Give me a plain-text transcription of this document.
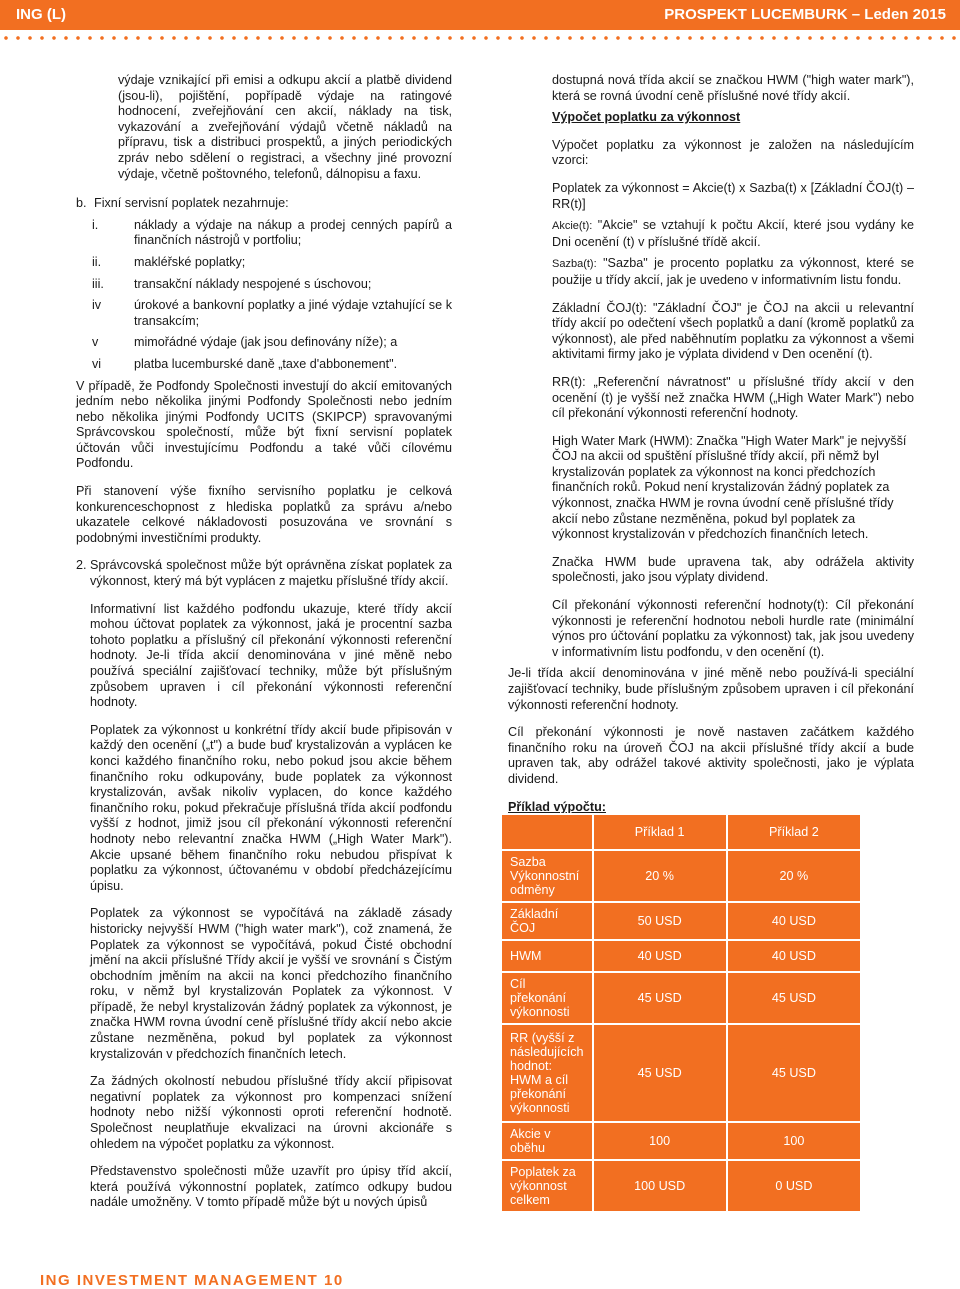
ING (L)	PROSPEKT LUCEMBURK – Leden 2015

výdaje vznikající při emisi a odkupu akcií a platbě dividend (jsou-li), pojištění, popřípadě výdaje na ratingové hodnocení, zveřejňování cen akcií, náklady na tisk, vykazování a zveřejňování výdajů včetně nákladů na přípravu, tisk a distribuci prospektů, a jiných periodických zpráv nebo sdělení o registraci, a všechny jiné provozní výdaje, včetně poštovného, telefonů, dálnopisu a faxu.

b. Fixní servisní poplatek nezahrnuje:
i.	náklady a výdaje na nákup a prodej cenných papírů a finančních nástrojů v portfoliu;
ii.	makléřské poplatky;
iii.	transakční náklady nespojené s úschovou;
iv	úrokové a bankovní poplatky a jiné výdaje vztahující se k transakcím;
v	mimořádné výdaje (jak jsou definovány níže); a
vi	platba lucemburské daně „taxe d'abbonement".

V případě, že Podfondy Společnosti investují do akcií emitovaných jedním nebo několika jinými Podfondy Společnosti nebo jedním nebo několika jinými Podfondy UCITS (SKIPCP) spravovanými Správcovskou společností, může být fixní servisní poplatek účtován vůči investujícímu Podfondu a také vůči cílovému Podfondu.

Při stanovení výše fixního servisního poplatku je celková konkurenceschopnost z hlediska poplatků za správu a/nebo ukazatele celkové nákladovosti posuzována ve srovnání s podobnými investičními produkty.

2. Správcovská společnost může být oprávněna získat poplatek za výkonnost, který má být vyplácen z majetku příslušné třídy akcií.

Informativní list každého podfondu ukazuje, které třídy akcií mohou účtovat poplatek za výkonnost, jaká je procentní sazba tohoto poplatku a příslušný cíl překonání výkonnosti referenční hodnoty. Je-li třída akcií denominována v jiné měně nebo používá speciální zajišťovací techniky, může být příslušným způsobem upraven i cíl překonání výkonnosti referenční hodnoty.

Poplatek za výkonnost u konkrétní třídy akcií bude připisován v každý den ocenění („t") a bude buď krystalizován a vyplácen ke konci každého finančního roku, nebo pokud jsou akcie během finančního roku odkupovány, bude poplatek za výkonnost krystalizován, avšak nikoliv vyplacen, do konce každého finančního roku, pokud překračuje příslušná třída akcií podfondu vyšší z hodnot, jimiž jsou cíl překonání výkonnosti referenční hodnoty nebo relevantní značka HWM („High Water Mark"). Akcie upsané během finančního roku nebudou přispívat k poplatku za výkonnost, účtovanému v období předcházejícímu úpisu.

Poplatek za výkonnost se vypočítává na základě zásady historicky nejvyšší HWM ("high water mark"), což znamená, že Poplatek za výkonnost se vypočítává, pokud Čisté obchodní jmění na akcii příslušné Třídy akcií je vyšší ve srovnání s Čistým obchodním jměním na akcii na konci předchozího finančního roku, v němž byl krystalizován Poplatek za výkonnost. V případě, že nebyl krystalizován žádný poplatek za výkonnost, je značka HWM rovna úvodní ceně příslušné třídy akcií nebo akcie zůstane nezměněna, pokud byl poplatek za výkonnost krystalizován v předchozích finančních letech.

Za žádných okolností nebudou příslušné třídy akcií připisovat negativní poplatek za výkonnost pro kompenzaci snížení hodnoty nebo nižší výkonnosti oproti referenční hodnotě. Společnost neuplatňuje ekvalizaci na úrovni akcionáře s ohledem na výpočet poplatku za výkonnost.

Představenstvo společnosti může uzavřít pro úpisy tříd akcií, která používá výkonnostní poplatek, zatímco odkupy budou nadále umožněny. V tomto případě může být u nových úpisů

dostupná nová třída akcií se značkou HWM ("high water mark"), která se rovná úvodní ceně příslušné nové třídy akcií.

Výpočet poplatku za výkonnost

Výpočet poplatku za výkonnost je založen na následujícím vzorci:

Poplatek za výkonnost = Akcie(t) x Sazba(t) x [Základní ČOJ(t) – RR(t)]

Akcie(t): "Akcie" se vztahují k počtu Akcií, které jsou vydány ke Dni ocenění (t) v příslušné třídě akcií.

Sazba(t): "Sazba" je procento poplatku za výkonnost, které se použije u třídy akcií, jak je uvedeno v informativním listu fondu.

Základní ČOJ(t): "Základní ČOJ" je ČOJ na akcii u relevantní třídy akcií po odečtení všech poplatků a daní (kromě poplatků za výkonnost), ale před naběhnutím poplatku za výkonnost a všemi aktivitami firmy jako je výplata dividend v Den ocenění (t).

RR(t): „Referenční návratnost" u příslušné třídy akcií v den ocenění (t) je vyšší než značka HWM („High Water Mark") nebo cíl překonání výkonnosti referenční hodnoty.

High Water Mark (HWM): Značka "High Water Mark" je nejvyšší ČOJ na akcii od spuštění příslušné třídy akcií, při němž byl krystalizován poplatek za výkonnost na konci předchozích finančních roků. Pokud není krystalizován žádný poplatek za výkonnost, značka HWM je rovna úvodní ceně příslušné třídy akcií nebo zůstane nezměněna, pokud byl poplatek za výkonnost krystalizován v předchozích finančních letech.

Značka HWM bude upravena tak, aby odrážela aktivity společnosti, jako jsou výplaty dividend.

Cíl překonání výkonnosti referenční hodnoty(t): Cíl překonání výkonnosti je referenční hodnotou neboli hurdle rate (minimální výnos pro účtování poplatku za výkonnost) tak, jak jsou uvedeny v informativním listu podfondu, v den ocenění (t).

Je-li třída akcií denominována v jiné měně nebo používá-li speciální zajišťovací techniky, bude příslušným způsobem upraven i cíl překonání výkonnosti referenční hodnoty.

Cíl překonání výkonnosti je nově nastaven začátkem každého finančního roku na úroveň ČOJ na akcii příslušné třídy akcií a bude upraven tak, aby odrážel takové aktivity společnosti, jako je výplata dividend.

Příklad výpočtu:

	Příklad 1	Příklad 2
Sazba Výkonnostní odměny	20 %	20 %
Základní ČOJ	50 USD	40 USD
HWM	40 USD	40 USD
Cíl překonání výkonnosti	45 USD	45 USD
RR (vyšší z následujících hodnot: HWM a cíl překonání výkonnosti	45 USD	45 USD
Akcie v oběhu	100	100
Poplatek za výkonnost celkem	100 USD	0 USD
ING INVESTMENT MANAGEMENT 10
